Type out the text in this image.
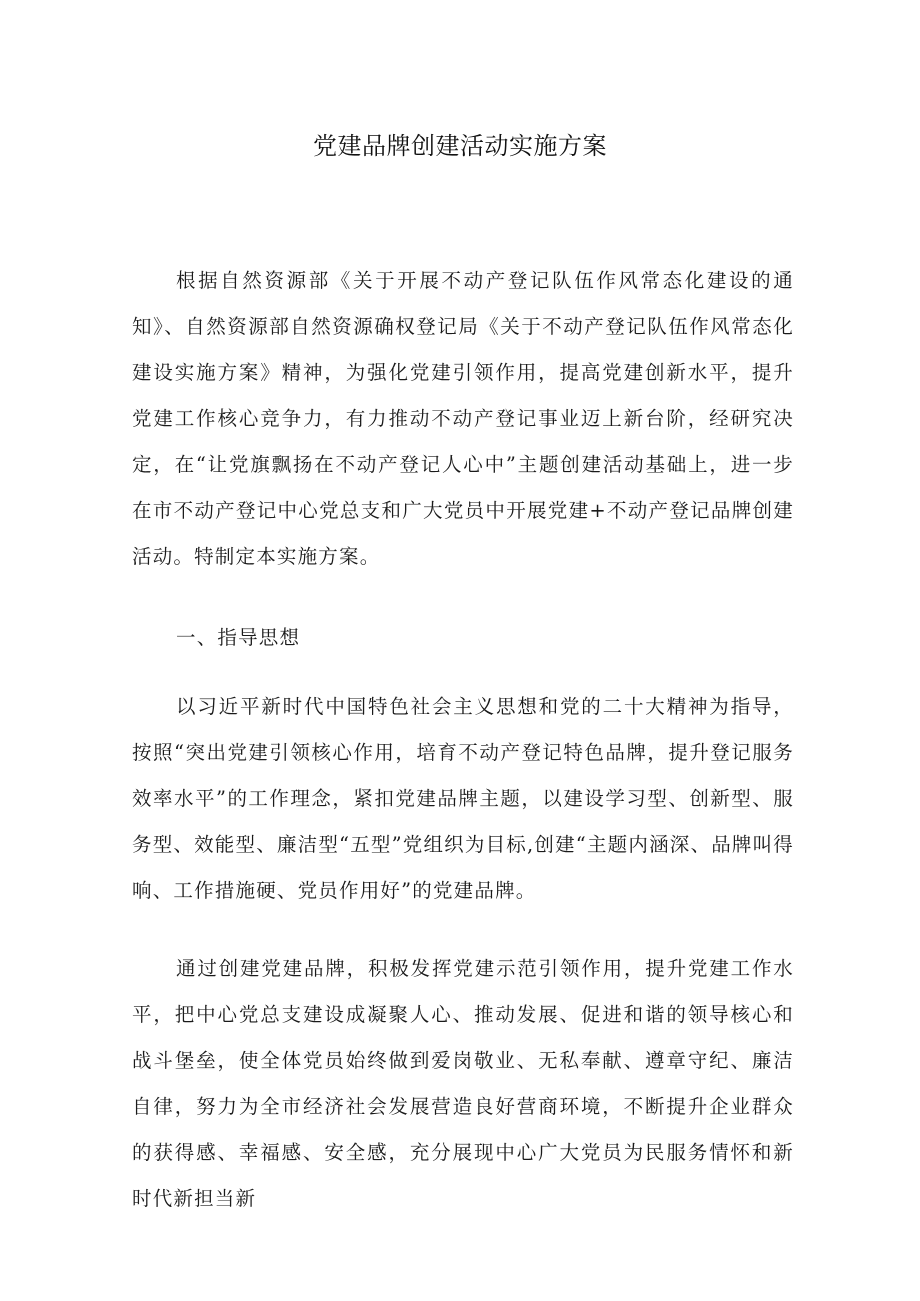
党建品牌创建活动实施方案

根据自然资源部《关于开展不动产登记队伍作风常态化建设的通知》、自然资源部自然资源确权登记局《关于不动产登记队伍作风常态化建设实施方案》精神，为强化党建引领作用，提高党建创新水平，提升党建工作核心竞争力，有力推动不动产登记事业迈上新台阶，经研究决定，在“让党旗飘扬在不动产登记人心中”主题创建活动基础上，进一步在市不动产登记中心党总支和广大党员中开展党建+不动产登记品牌创建活动。特制定本实施方案。

一、指导思想

以习近平新时代中国特色社会主义思想和党的二十大精神为指导，按照“突出党建引领核心作用，培育不动产登记特色品牌，提升登记服务效率水平”的工作理念，紧扣党建品牌主题，以建设学习型、创新型、服务型、效能型、廉洁型“五型”党组织为目标,创建“主题内涵深、品牌叫得响、工作措施硬、党员作用好”的党建品牌。

通过创建党建品牌，积极发挥党建示范引领作用，提升党建工作水平，把中心党总支建设成凝聚人心、推动发展、促进和谐的领导核心和战斗堡垒，使全体党员始终做到爱岗敬业、无私奉献、遵章守纪、廉洁自律，努力为全市经济社会发展营造良好营商环境，不断提升企业群众的获得感、幸福感、安全感，充分展现中心广大党员为民服务情怀和新时代新担当新
